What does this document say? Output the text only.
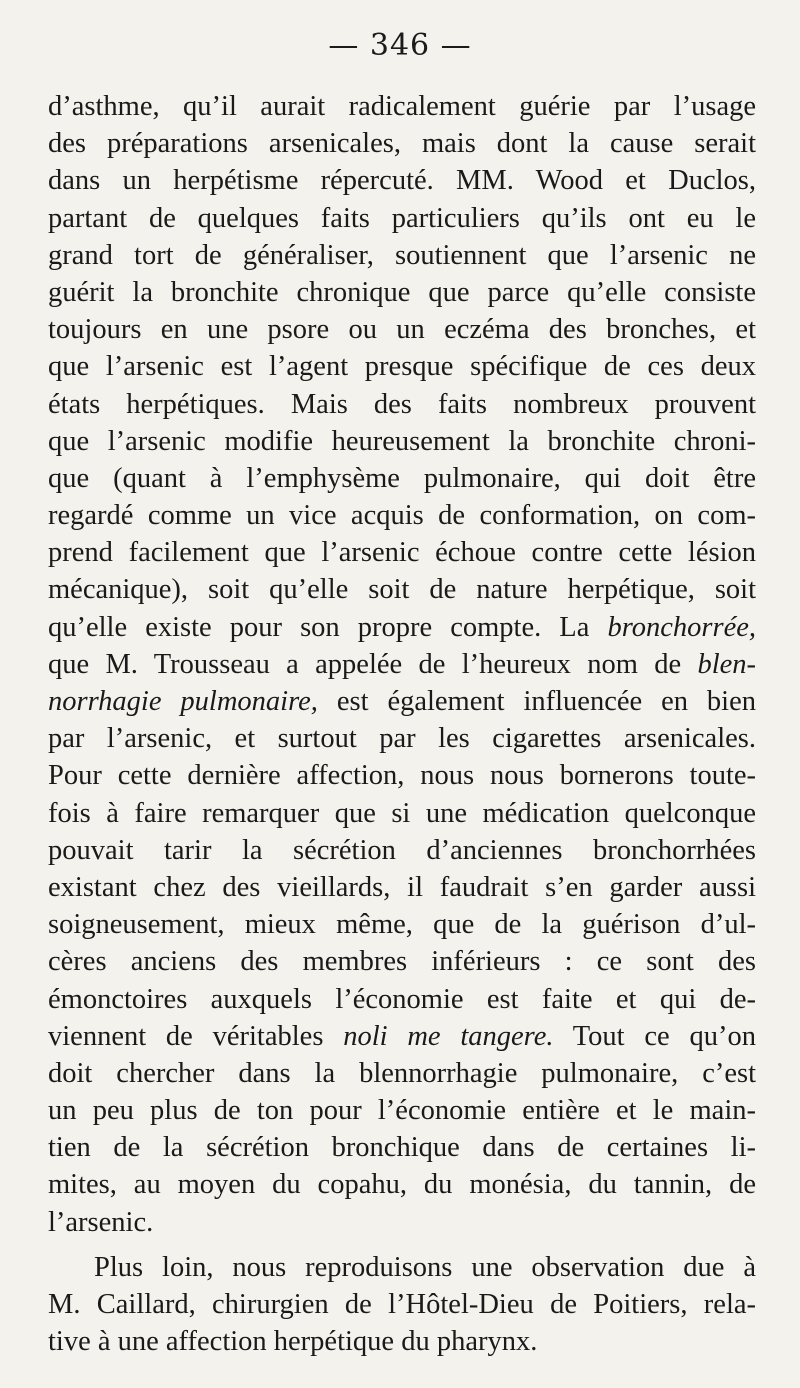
— 346 —
d’asthme, qu’il aurait radicalement guérie par l’usage
des préparations arsenicales, mais dont la cause serait
dans un herpétisme répercuté. MM. Wood et Duclos,
partant de quelques faits particuliers qu’ils ont eu le
grand tort de généraliser, soutiennent que l’arsenic ne
guérit la bronchite chronique que parce qu’elle consiste
toujours en une psore ou un eczéma des bronches, et
que l’arsenic est l’agent presque spécifique de ces deux
états herpétiques. Mais des faits nombreux prouvent
que l’arsenic modifie heureusement la bronchite chroni-
que (quant à l’emphysème pulmonaire, qui doit être
regardé comme un vice acquis de conformation, on com-
prend facilement que l’arsenic échoue contre cette lésion
mécanique), soit qu’elle soit de nature herpétique, soit
qu’elle existe pour son propre compte. La bronchorrée,
que M. Trousseau a appelée de l’heureux nom de blen-
norrhagie pulmonaire, est également influencée en bien
par l’arsenic, et surtout par les cigarettes arsenicales.
Pour cette dernière affection, nous nous bornerons toute-
fois à faire remarquer que si une médication quelconque
pouvait tarir la sécrétion d’anciennes bronchorrhées
existant chez des vieillards, il faudrait s’en garder aussi
soigneusement, mieux même, que de la guérison d’ul-
cères anciens des membres inférieurs : ce sont des
émonctoires auxquels l’économie est faite et qui de-
viennent de véritables noli me tangere. Tout ce qu’on
doit chercher dans la blennorrhagie pulmonaire, c’est
un peu plus de ton pour l’économie entière et le main-
tien de la sécrétion bronchique dans de certaines li-
mites, au moyen du copahu, du monésia, du tannin, de
l’arsenic.
Plus loin, nous reproduisons une observation due à
M. Caillard, chirurgien de l’Hôtel-Dieu de Poitiers, rela-
tive à une affection herpétique du pharynx.
